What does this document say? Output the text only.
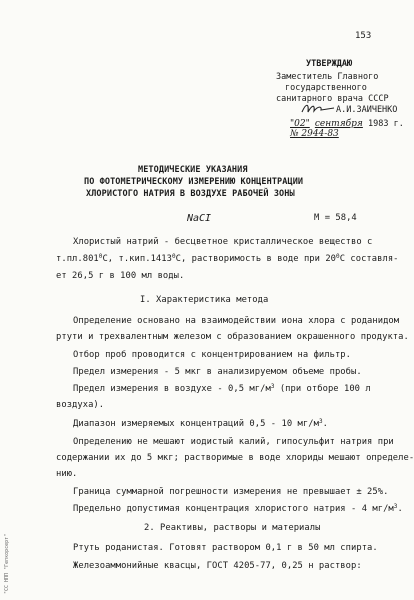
153
УТВЕРЖДАЮ
Заместитель Главного
государственного
санитарного врача СССР
А.И.ЗАИЧЕНКО
"02" сентября 1983 г.
№ 2944-83
МЕТОДИЧЕСКИЕ УКАЗАНИЯ
ПО ФОТОМЕТРИЧЕСКОМУ ИЗМЕРЕНИЮ КОНЦЕНТРАЦИИ
ХЛОРИСТОГО НАТРИЯ В ВОЗДУХЕ РАБОЧЕЙ ЗОНЫ
NaCI	М = 58,4
Хлористый натрий - бесцветное кристаллическое вещество с
т.пл.801$^0$С, т.кип.1413$^0$С, растворимость в воде при $20^0С$ составля-
ет 26,5 г в 100 мл воды.
I. Характеристика метода
Определение основано на взаимодействии иона хлора с роданидом
ртути и трехвалентным железом с образованием окрашенного продукта.
Отбор проб проводится с концентрированием на фильтр.
Предел измерения - 5 мкг в анализируемом объеме пробы.
Предел измерения в воздухе - 0,5 $мг/м^3$ (при отборе 100 л
воздуха).
Диапазон измеряемых концентраций 0,5 - 10 $мг/м^3$.
Определению не мешают иодистый калий, гипосульфит натрия при
содержании их до 5 мкг; растворимые в воде хлориды мешают определе-
нию.
Граница суммарной погрешности измерения не превышает ± 25%.
Предельно допустимая концентрация хлористого натрия - 4 $мг/м^3$.
2. Реактивы, растворы и материалы
Ртуть роданистая. Готовят раствором 0,1 г в 50 мл спирта.
Железоаммонийные квасцы, ГОСТ 4205-77, 0,25 н раствор:
"СС НПП "Гепкорсерт"
